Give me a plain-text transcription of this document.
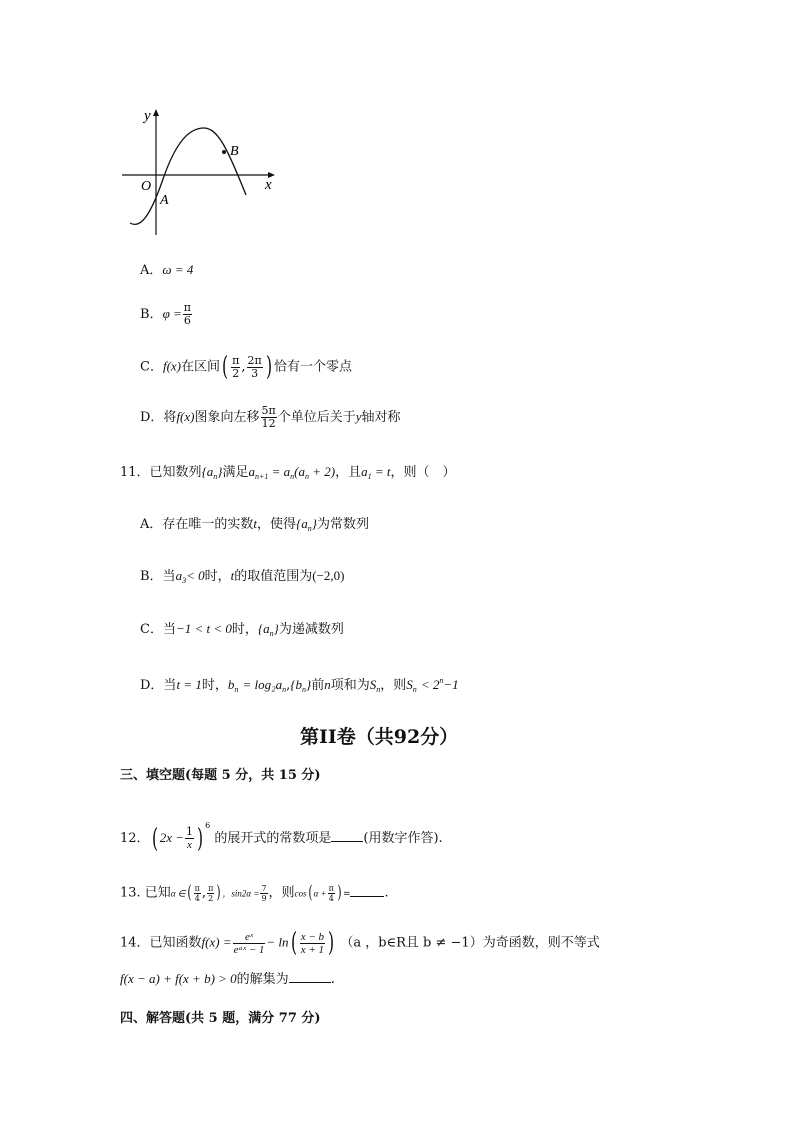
y
x
O
A
B
A．ω = 4
B．$\varphi = \frac{\pi}{6}$
C．f(x)在区间( $\frac{\pi}{2}$ , $\frac{2\pi}{3}$ ) 恰有一个零点
D．将f(x)图象向左移 $\frac{5\pi}{12}$ 个单位后关于y轴对称
11．已知数列$\{a_n\}$满足$a_{n+1} = a_n(a_n + 2)$，且$a_1 = t$，则（　）
A．存在唯一的实数t，使得$\{a_n\}$为常数列
B．当$a_3< 0$时，t的取值范围为(−2,0)
C．当−1 < t < 0时，$\{a_n\}$为递减数列
D．当t = 1时，$b_n = \log_2a_n,\{b_n\}$前n项和为$S_n$，则$S_n < 2^n-1$
第II卷（共92分）
三、填空题(每题 5 分，共 15 分)
12．( $2x - \frac{1}{x}$ ) $^6$ 的展开式的常数项是 (用数字作答).
13. 已知α ∈( $\frac{\pi}{4}$ , $\frac{\pi}{2}$ )，$\sin 2\alpha = \frac{7}{9}$ ，则$\cos(\alpha + \frac{\pi}{4}$ )=	.
14．已知函数$f(x) = \frac{\text{eˣ}}{\text{eᵃˣ − 1}} - \ln( \frac{x - b}{x + 1}$ ) （a ，b∈R且 b ≠ −1）为奇函数，则不等式
f(x − a) + f(x + b) > 0的解集为	.
四、解答题(共 5 题，满分 77 分)
